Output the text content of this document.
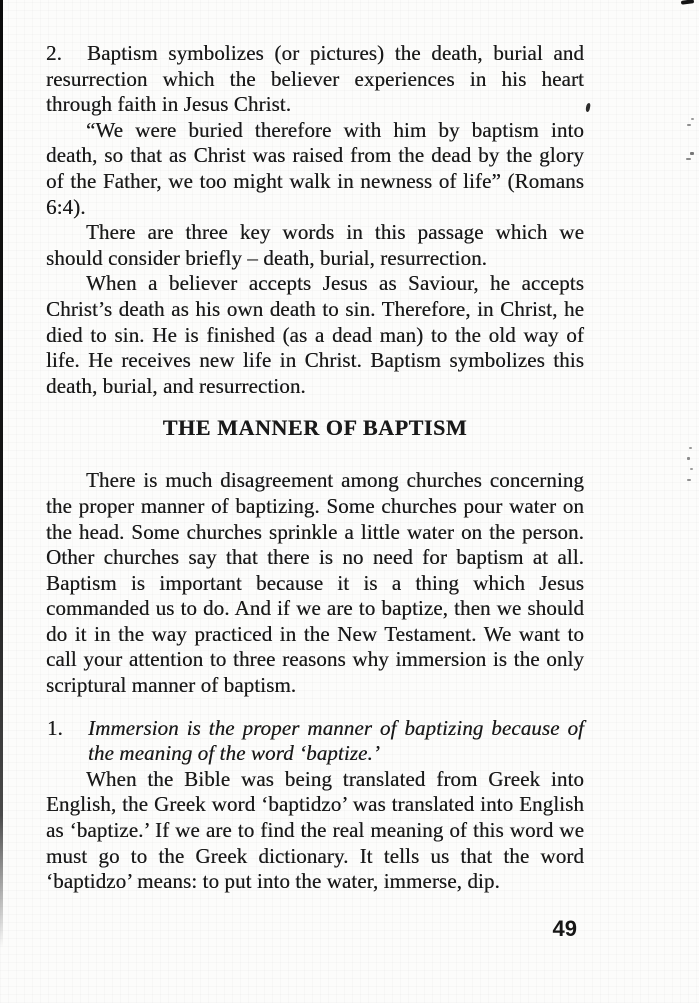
2. Baptism symbolizes (or pictures) the death, burial and resurrection which the believer experiences in his heart through faith in Jesus Christ.

“We were buried therefore with him by baptism into death, so that as Christ was raised from the dead by the glory of the Father, we too might walk in newness of life” (Romans 6:4).

There are three key words in this passage which we should consider briefly – death, burial, resurrection.

When a believer accepts Jesus as Saviour, he accepts Christ’s death as his own death to sin. Therefore, in Christ, he died to sin. He is finished (as a dead man) to the old way of life. He receives new life in Christ. Baptism symbolizes this death, burial, and resurrection.

THE MANNER OF BAPTISM

There is much disagreement among churches concerning the proper manner of baptizing. Some churches pour water on the head. Some churches sprinkle a little water on the person. Other churches say that there is no need for baptism at all. Baptism is important because it is a thing which Jesus commanded us to do. And if we are to baptize, then we should do it in the way practiced in the New Testament. We want to call your attention to three reasons why immersion is the only scriptural manner of baptism.

1. Immersion is the proper manner of baptizing because of the meaning of the word ‘baptize.’

When the Bible was being translated from Greek into English, the Greek word ‘baptidzo’ was translated into English as ‘baptize.’ If we are to find the real meaning of this word we must go to the Greek dictionary. It tells us that the word ‘baptidzo’ means: to put into the water, immerse, dip.

49
